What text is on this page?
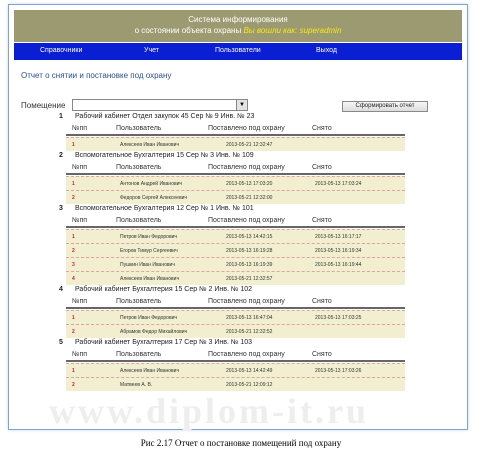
Система информирования
о состоянии объекта охраны Вы вошли как: superadmin
Справочники	Учет	Пользователи	Выход
Отчет о снятии и постановке под охрану
Помещение	▼	Сформировать отчет
1 Рабочий кабинет Отдел закупок 45 Сер № 9 Инв. № 23
№пп	Пользователь	Поставлено под охрану	Снято
1	Алексеев Иван Иванович	2013-05-21 12:32:47
2 Вспомогательное Бухгалтерия 15 Сер № 3 Инв. № 109
№пп	Пользователь	Поставлено под охрану	Снято
1	Антонов Андрей Иванович	2013-05-13 17:03:20	2013-05-13 17:03:24
2	Федоров Сергей Алексеевич	2013-05-21 12:32:00
3 Вспомогательное Бухгалтерия 12 Сер № 1 Инв. № 101
№пп	Пользователь	Поставлено под охрану	Снято
1	Петров Иван Федорович	2013-05-13 14:42:15	2013-05-13 16:17:17
2	Егоров Тимур Сергеевич	2013-05-13 16:19:28	2013-05-13 16:19:34
3	Пушкин Иван Иванович	2013-05-13 16:19:39	2013-05-13 16:19:44
4	Алексеев Иван Иванович	2013-05-21 12:32:57
4 Рабочий кабинет Бухгалтерия 15 Сер № 2 Инв. № 102
№пп	Пользователь	Поставлено под охрану	Снято
1	Петров Иван Федорович	2013-05-13 16:47:04	2013-05-13 17:03:25
2	Абрамов Федор Михайлович	2013-05-21 12:32:52
5 Рабочий кабинет Бухгалтерия 17 Сер № 3 Инв. № 103
№пп	Пользователь	Поставлено под охрану	Снято
1	Алексеев Иван Иванович	2013-05-13 14:42:49	2013-05-13 17:03:26
2	Матвеев А. В.	2013-05-21 12:09:12
www.diplom-it.ru
Рис 2.17 Отчет о постановке помещений под охрану
